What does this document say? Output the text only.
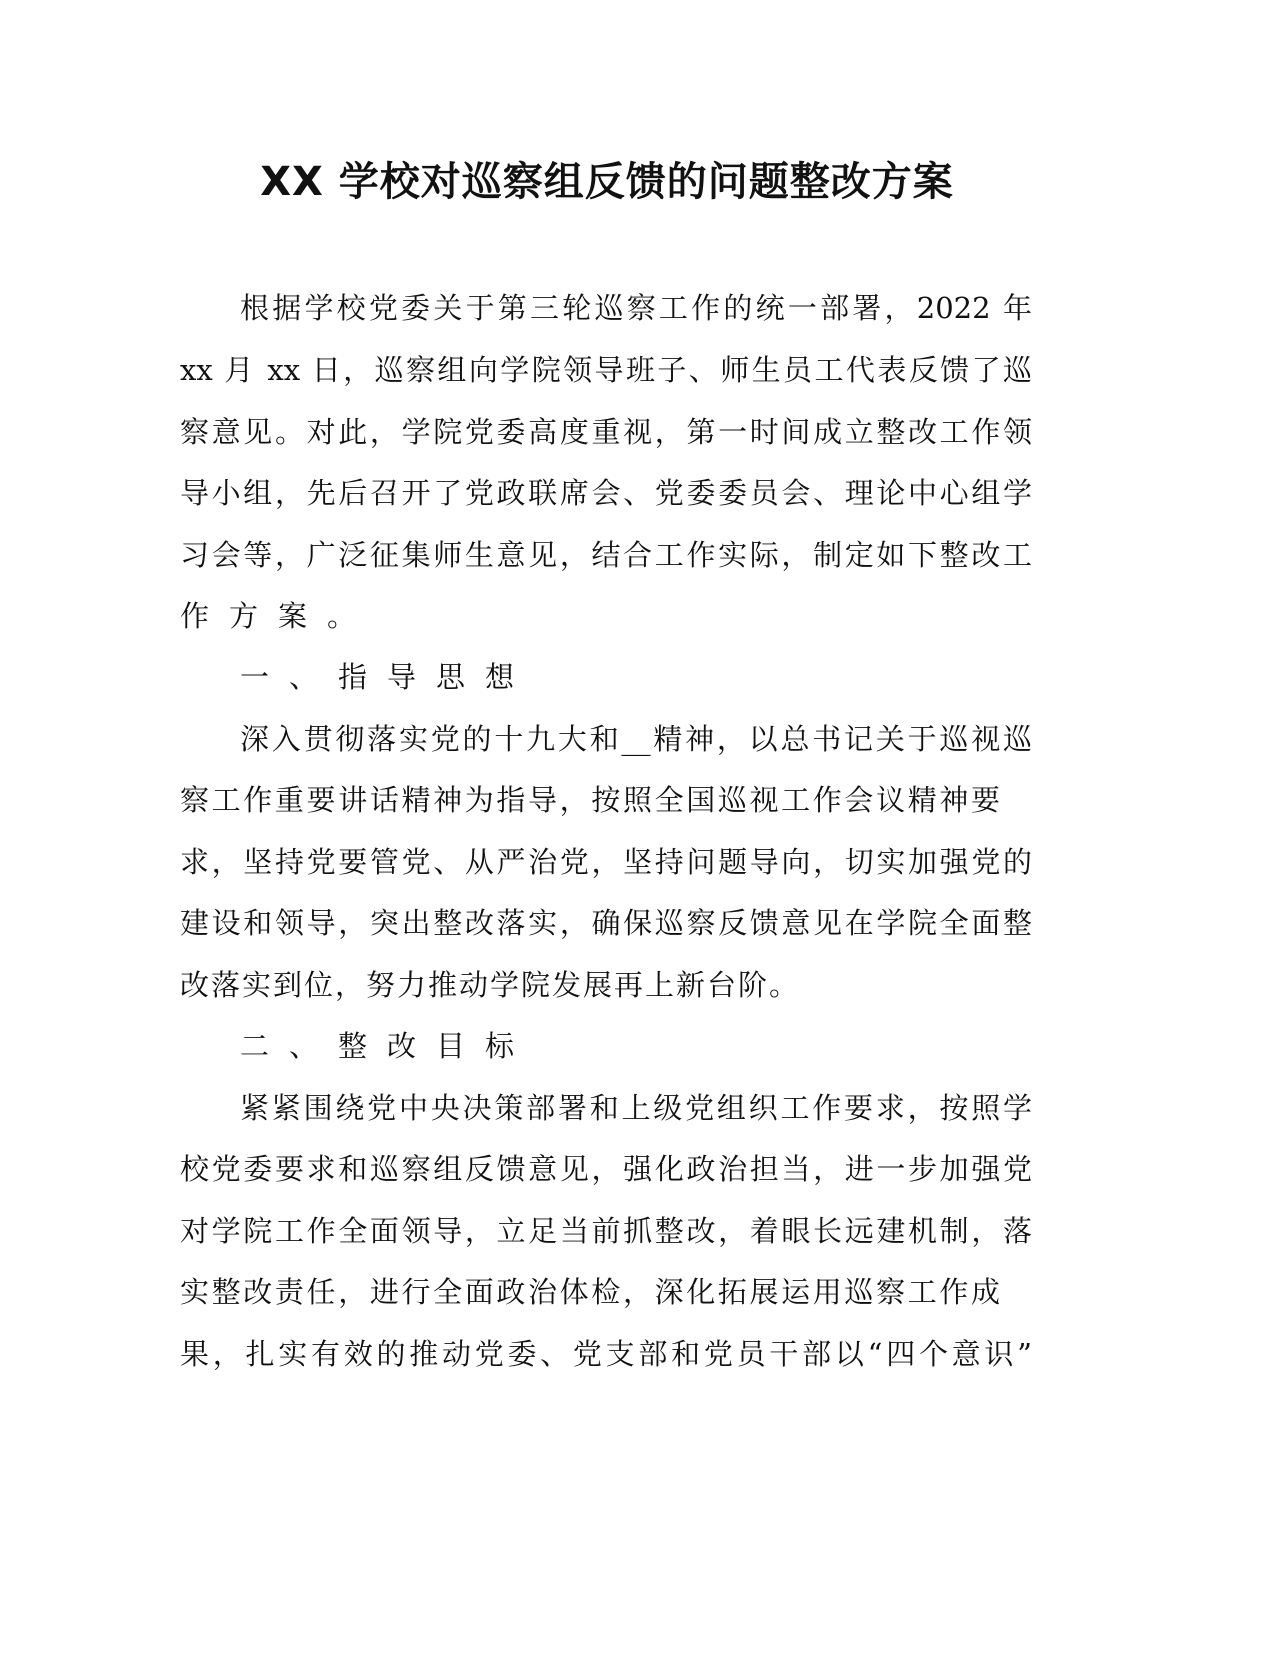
XX 学校对巡察组反馈的问题整改方案
根据学校党委关于第三轮巡察工作的统一部署，2022 年
xx 月 xx 日，巡察组向学院领导班子、师生员工代表反馈了巡
察意见。对此，学院党委高度重视，第一时间成立整改工作领
导小组，先后召开了党政联席会、党委委员会、理论中心组学
习会等，广泛征集师生意见，结合工作实际，制定如下整改工
作方案。
一、指导思想
深入贯彻落实党的十九大和__精神，以总书记关于巡视巡
察工作重要讲话精神为指导，按照全国巡视工作会议精神要
求，坚持党要管党、从严治党，坚持问题导向，切实加强党的
建设和领导，突出整改落实，确保巡察反馈意见在学院全面整
改落实到位，努力推动学院发展再上新台阶。
二、整改目标
紧紧围绕党中央决策部署和上级党组织工作要求，按照学
校党委要求和巡察组反馈意见，强化政治担当，进一步加强党
对学院工作全面领导，立足当前抓整改，着眼长远建机制，落
实整改责任，进行全面政治体检，深化拓展运用巡察工作成
果，扎实有效的推动党委、党支部和党员干部以“四个意识”
